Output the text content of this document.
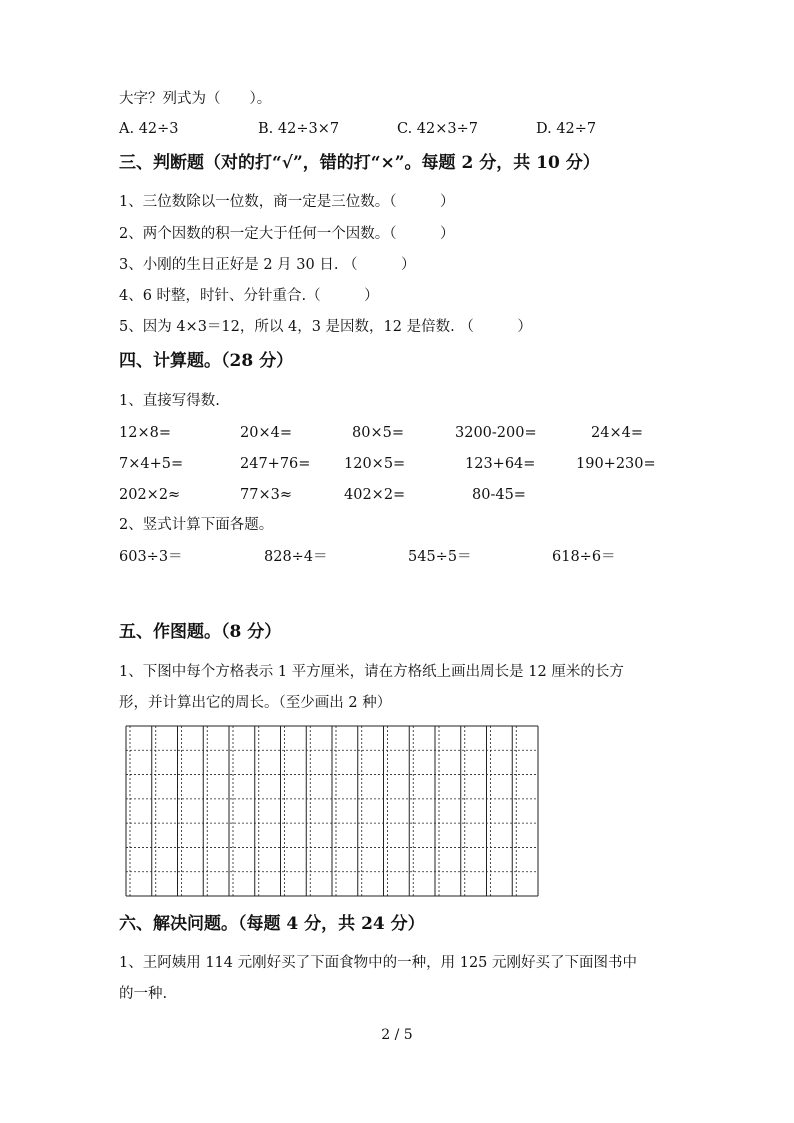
大字？列式为（　　）。
A. 42÷3	B. 42÷3×7	C. 42×3÷7	D. 42÷7
三、判断题（对的打“√”，错的打“×”。每题 2 分，共 10 分）
1、三位数除以一位数，商一定是三位数。（　　　）
2、两个因数的积一定大于任何一个因数。（　　　）
3、小刚的生日正好是 2 月 30 日. （　　　）
4、6 时整，时针、分针重合.（　　　）
5、因为 4×3＝12，所以 4，3 是因数，12 是倍数. （　　　）
四、计算题。（28 分）
1、直接写得数.
12×8=	20×4=	80×5=	3200-200=	24×4=
7×4+5=	247+76= 120×5=	123+64=	190+230=
202×2≈	77×3≈	402×2=	80-45=
2、竖式计算下面各题。
603÷3＝	828÷4＝	545÷5＝	618÷6＝
五、作图题。（8 分）
1、下图中每个方格表示 1 平方厘米，请在方格纸上画出周长是 12 厘米的长方
形，并计算出它的周长。（至少画出 2 种）
六、解决问题。（每题 4 分，共 24 分）
1、王阿姨用 114 元刚好买了下面食物中的一种，用 125 元刚好买了下面图书中
的一种.
2 / 5
